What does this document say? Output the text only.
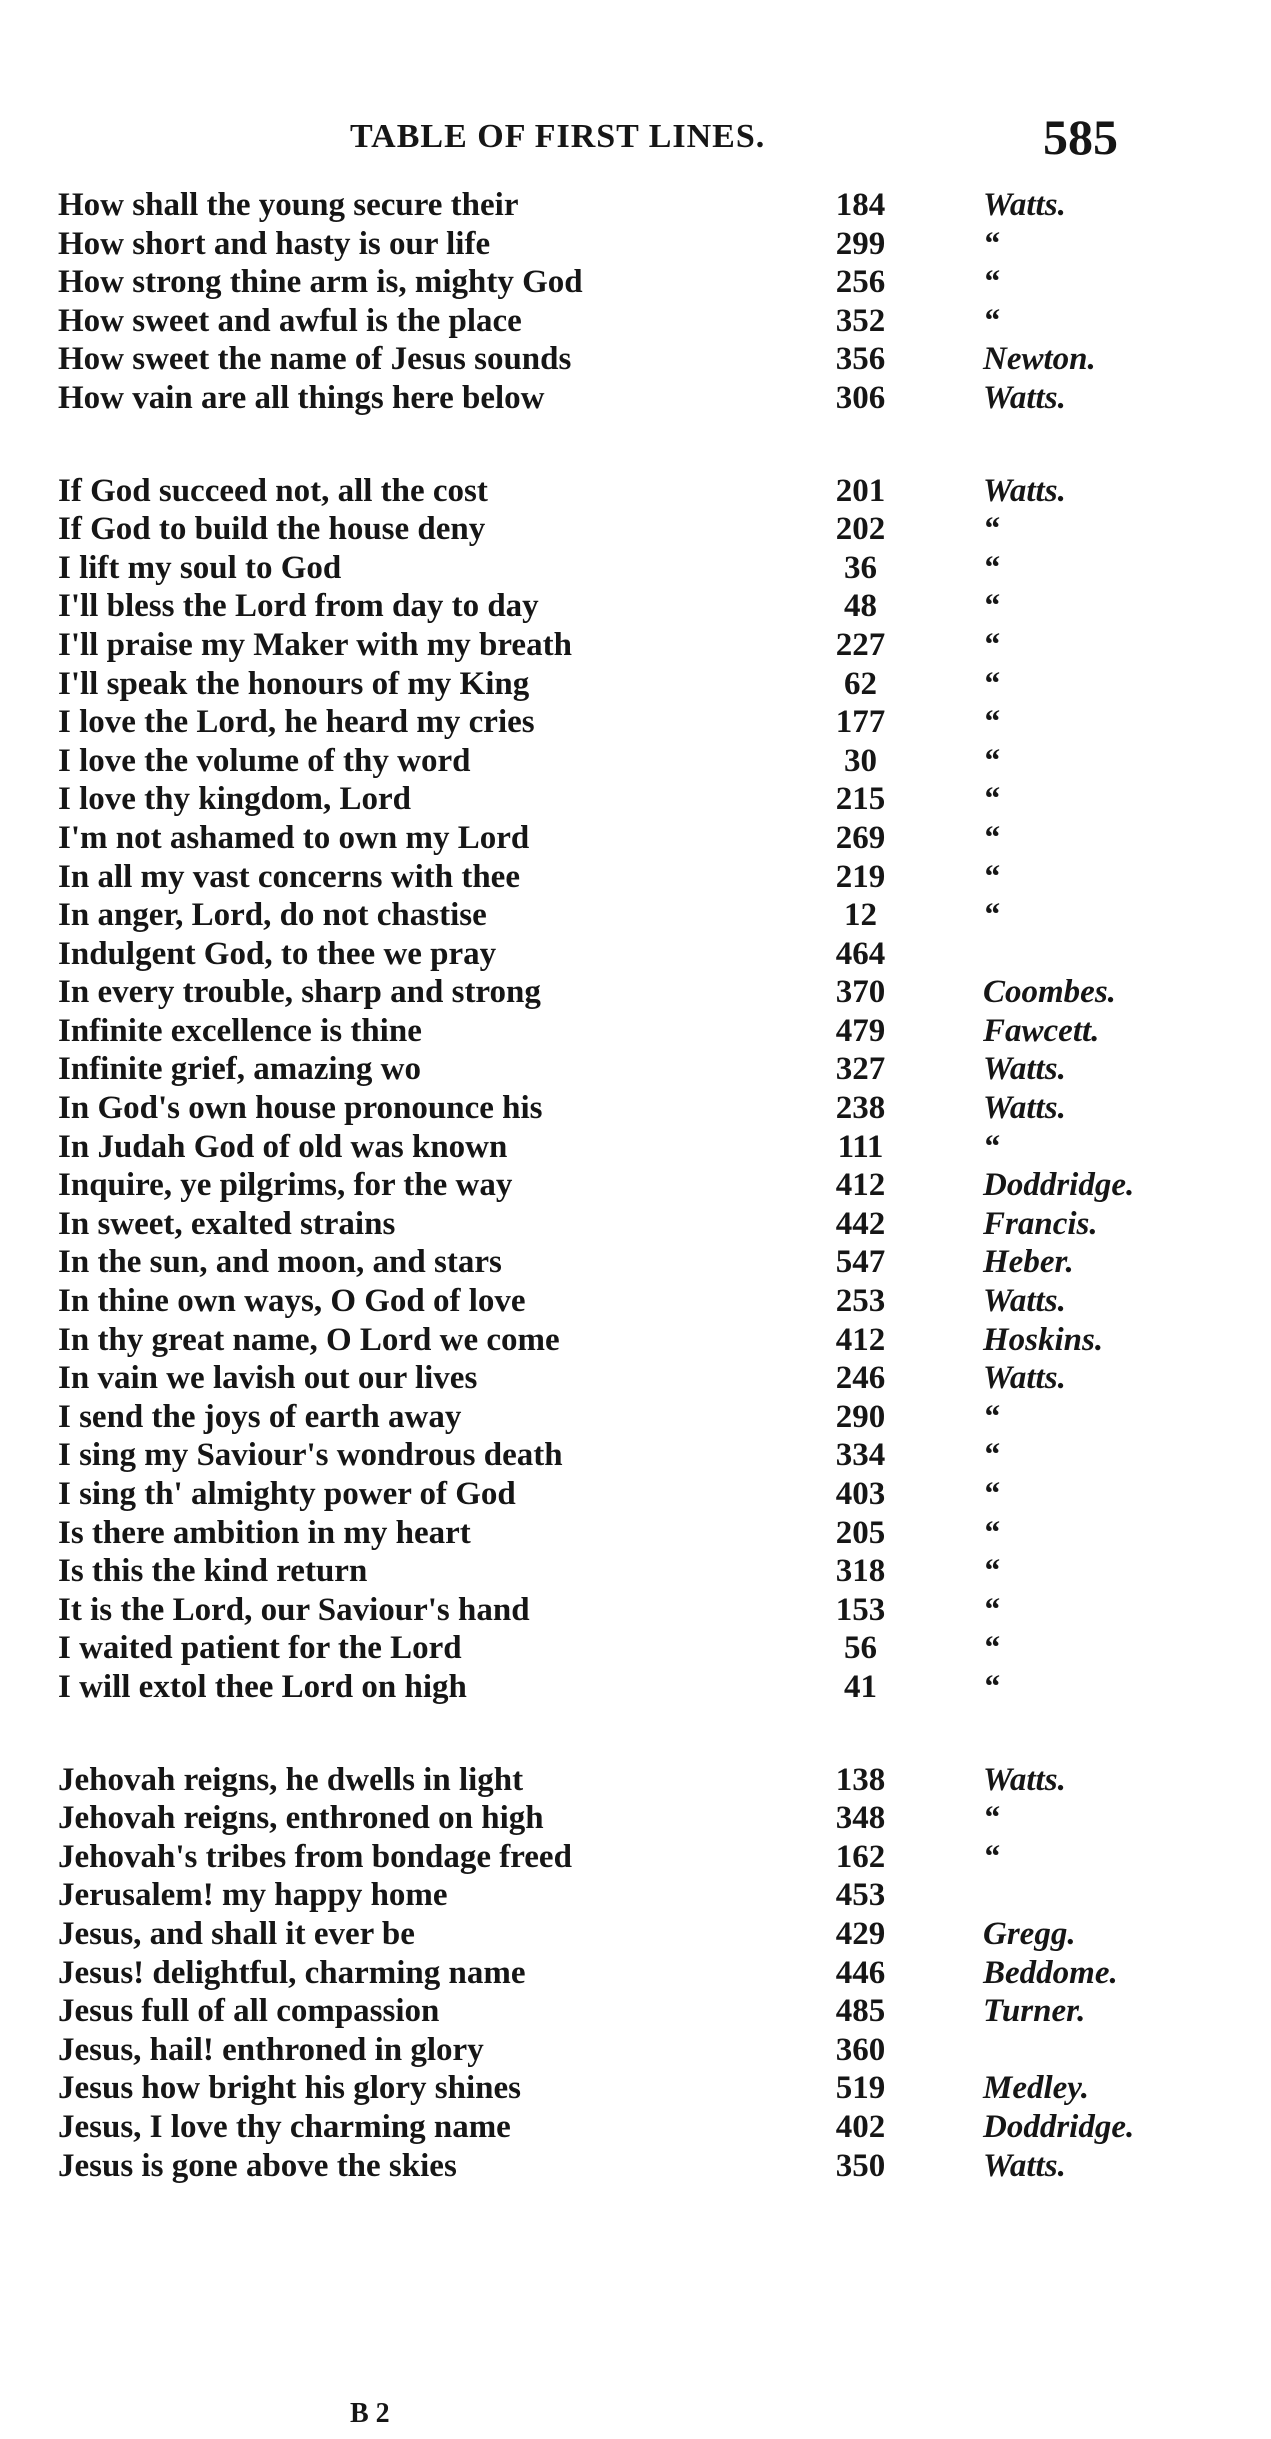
TABLE OF FIRST LINES.	585
How shall the young secure their	184	Watts.
How short and hasty is our life	299	“
How strong thine arm is, mighty God	256	“
How sweet and awful is the place	352	“
How sweet the name of Jesus sounds	356	Newton.
How vain are all things here below	306	Watts.
If God succeed not, all the cost	201	Watts.
If God to build the house deny	202	“
I lift my soul to God	36	“
I'll bless the Lord from day to day	48	“
I'll praise my Maker with my breath	227	“
I'll speak the honours of my King	62	“
I love the Lord, he heard my cries	177	“
I love the volume of thy word	30	“
I love thy kingdom, Lord	215	“
I'm not ashamed to own my Lord	269	“
In all my vast concerns with thee	219	“
In anger, Lord, do not chastise	12	“
Indulgent God, to thee we pray	464
In every trouble, sharp and strong	370	Coombes.
Infinite excellence is thine	479	Fawcett.
Infinite grief, amazing wo	327	Watts.
In God's own house pronounce his	238	Watts.
In Judah God of old was known	111	“
Inquire, ye pilgrims, for the way	412	Doddridge.
In sweet, exalted strains	442	Francis.
In the sun, and moon, and stars	547	Heber.
In thine own ways, O God of love	253	Watts.
In thy great name, O Lord we come	412	Hoskins.
In vain we lavish out our lives	246	Watts.
I send the joys of earth away	290	“
I sing my Saviour's wondrous death	334	“
I sing th' almighty power of God	403	“
Is there ambition in my heart	205	“
Is this the kind return	318	“
It is the Lord, our Saviour's hand	153	“
I waited patient for the Lord	56	“
I will extol thee Lord on high	41	“
Jehovah reigns, he dwells in light	138	Watts.
Jehovah reigns, enthroned on high	348	“
Jehovah's tribes from bondage freed	162	“
Jerusalem! my happy home	453
Jesus, and shall it ever be	429	Gregg.
Jesus! delightful, charming name	446	Beddome.
Jesus full of all compassion	485	Turner.
Jesus, hail! enthroned in glory	360
Jesus how bright his glory shines	519	Medley.
Jesus, I love thy charming name	402	Doddridge.
Jesus is gone above the skies	350	Watts.
B 2
